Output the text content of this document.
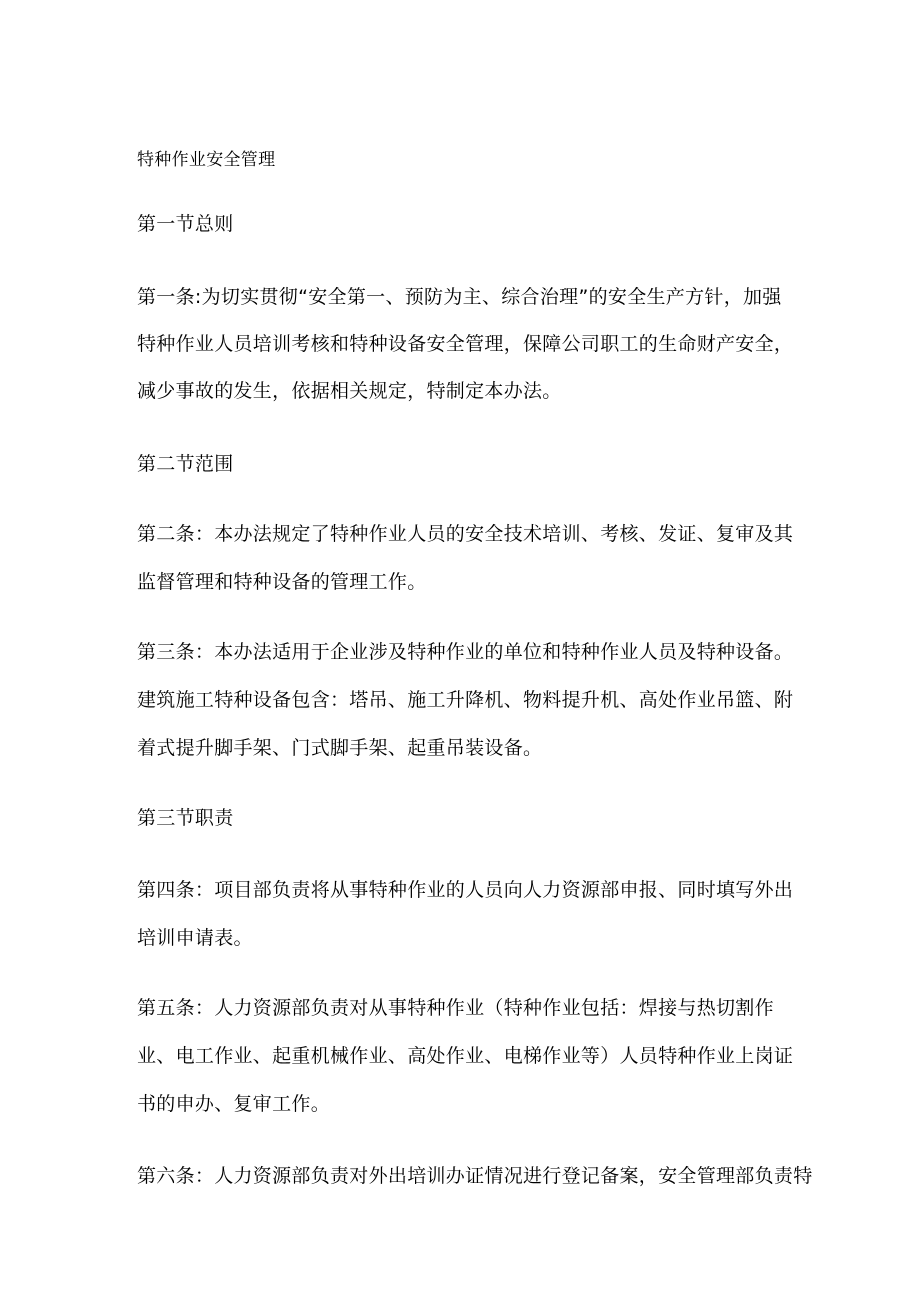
特种作业安全管理
第一节总则
第一条:为切实贯彻“安全第一、预防为主、综合治理”的安全生产方针，加强
特种作业人员培训考核和特种设备安全管理，保障公司职工的生命财产安全，
减少事故的发生，依据相关规定，特制定本办法。
第二节范围
第二条：本办法规定了特种作业人员的安全技术培训、考核、发证、复审及其
监督管理和特种设备的管理工作。
第三条：本办法适用于企业涉及特种作业的单位和特种作业人员及特种设备。
建筑施工特种设备包含：塔吊、施工升降机、物料提升机、高处作业吊篮、附
着式提升脚手架、门式脚手架、起重吊装设备。
第三节职责
第四条：项目部负责将从事特种作业的人员向人力资源部申报、同时填写外出
培训申请表。
第五条：人力资源部负责对从事特种作业（特种作业包括：焊接与热切割作
业、电工作业、起重机械作业、高处作业、电梯作业等）人员特种作业上岗证
书的申办、复审工作。
第六条：人力资源部负责对外出培训办证情况进行登记备案，安全管理部负责特
